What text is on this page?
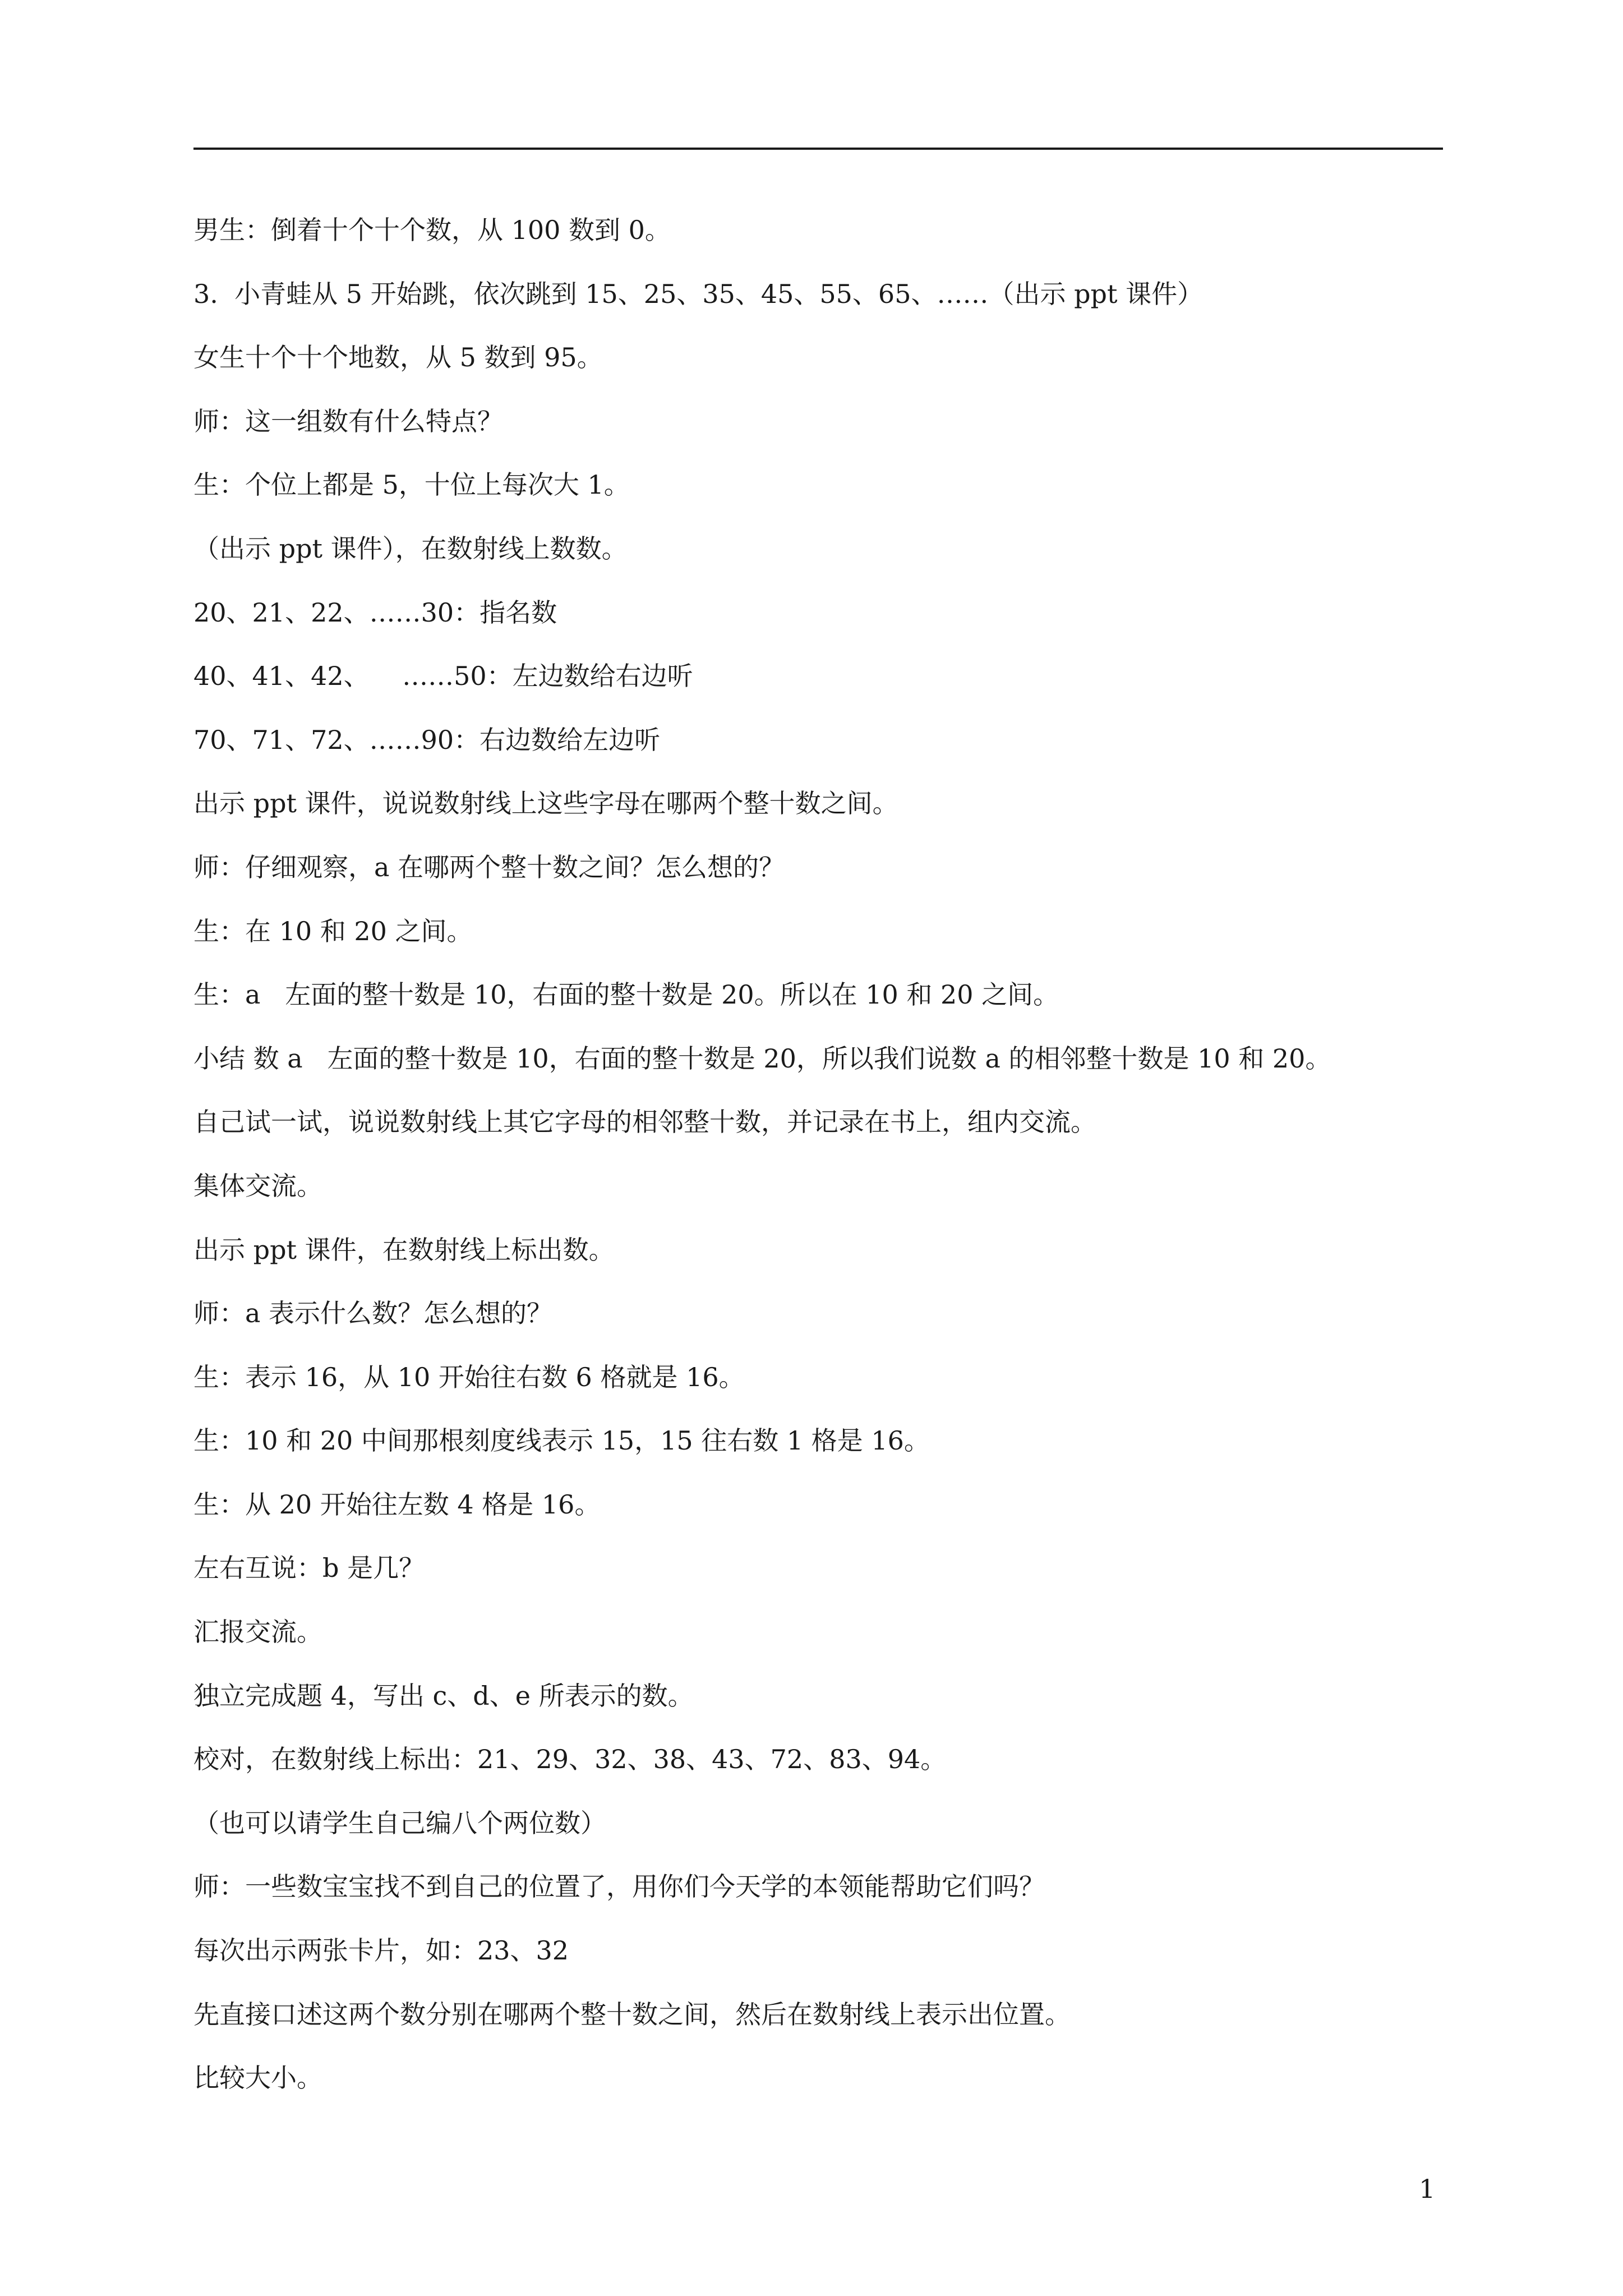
男生：倒着十个十个数，从 100 数到 0。
3.  小青蛙从 5 开始跳，依次跳到 15、25、35、45、55、65、……（出示 ppt 课件）
女生十个十个地数，从 5 数到 95。
师：这一组数有什么特点？
生：个位上都是 5，十位上每次大 1。
（出示 ppt 课件），在数射线上数数。
20、21、22、……30：指名数
40、41、42、    ……50：左边数给右边听
70、71、72、……90：右边数给左边听
出示 ppt 课件，说说数射线上这些字母在哪两个整十数之间。
师：仔细观察，a 在哪两个整十数之间？怎么想的？
生：在 10 和 20 之间。
生：a   左面的整十数是 10，右面的整十数是 20。所以在 10 和 20 之间。
小结 数 a   左面的整十数是 10，右面的整十数是 20，所以我们说数 a 的相邻整十数是 10 和 20。
自己试一试，说说数射线上其它字母的相邻整十数，并记录在书上，组内交流。
集体交流。
出示 ppt 课件，在数射线上标出数。
师：a 表示什么数？怎么想的？
生：表示 16，从 10 开始往右数 6 格就是 16。
生：10 和 20 中间那根刻度线表示 15，15 往右数 1 格是 16。
生：从 20 开始往左数 4 格是 16。
左右互说：b 是几？
汇报交流。
独立完成题 4，写出 c、d、e 所表示的数。
校对，在数射线上标出：21、29、32、38、43、72、83、94。
（也可以请学生自己编八个两位数）
师：一些数宝宝找不到自己的位置了，用你们今天学的本领能帮助它们吗？
每次出示两张卡片，如：23、32
先直接口述这两个数分别在哪两个整十数之间，然后在数射线上表示出位置。
比较大小。
1
